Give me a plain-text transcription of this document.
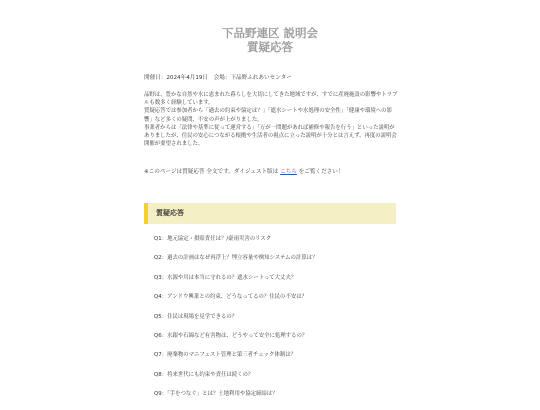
下品野連区 説明会
質疑応答
開催日：2024年4月19日　会場：下品野ふれあいセンター

品野は、豊かな自然や水に恵まれた暮らしを大切にしてきた地域ですが、すでに産廃施設の影響やトラブルも数多く経験しています。

質疑応答では参加者から「過去の約束や協定は？」「遮水シートや水処理の安全性」「健康や環境への影響」など多くの疑問、不安の声が上がりました。

事業者からは「法律や基準に従って運営する」「万が一問題があれば補修や報告を行う」といった説明がありましたが、住民の安心につながる根拠や生活者の視点に立った説明が十分とは言えず、再度の説明会開催が要望されました。

※このページは質疑応答 全文です。ダイジェスト版は こちら をご覧ください！
質疑応答
Q1：地元協定・損賠責任は？/豪雨災害のリスク
Q2：過去の計画はなぜ再浮上？埋立容量や検知システムの計算は？
Q3：水源や川は本当に守れるの？遮水シートって大丈夫？
Q4：アンドウ興業との約束、どうなってるの？住民の不安は？
Q5：住民は現場を見学できるの？
Q6：水銀や石綿など有害物は、どうやって安全に処理するの？
Q7：廃棄物のマニフェスト管理と第三者チェック体制は？
Q8：将来世代にも約束や責任は続くの？
Q9：「手をつなぐ」とは？土地利用や協定締結は？
